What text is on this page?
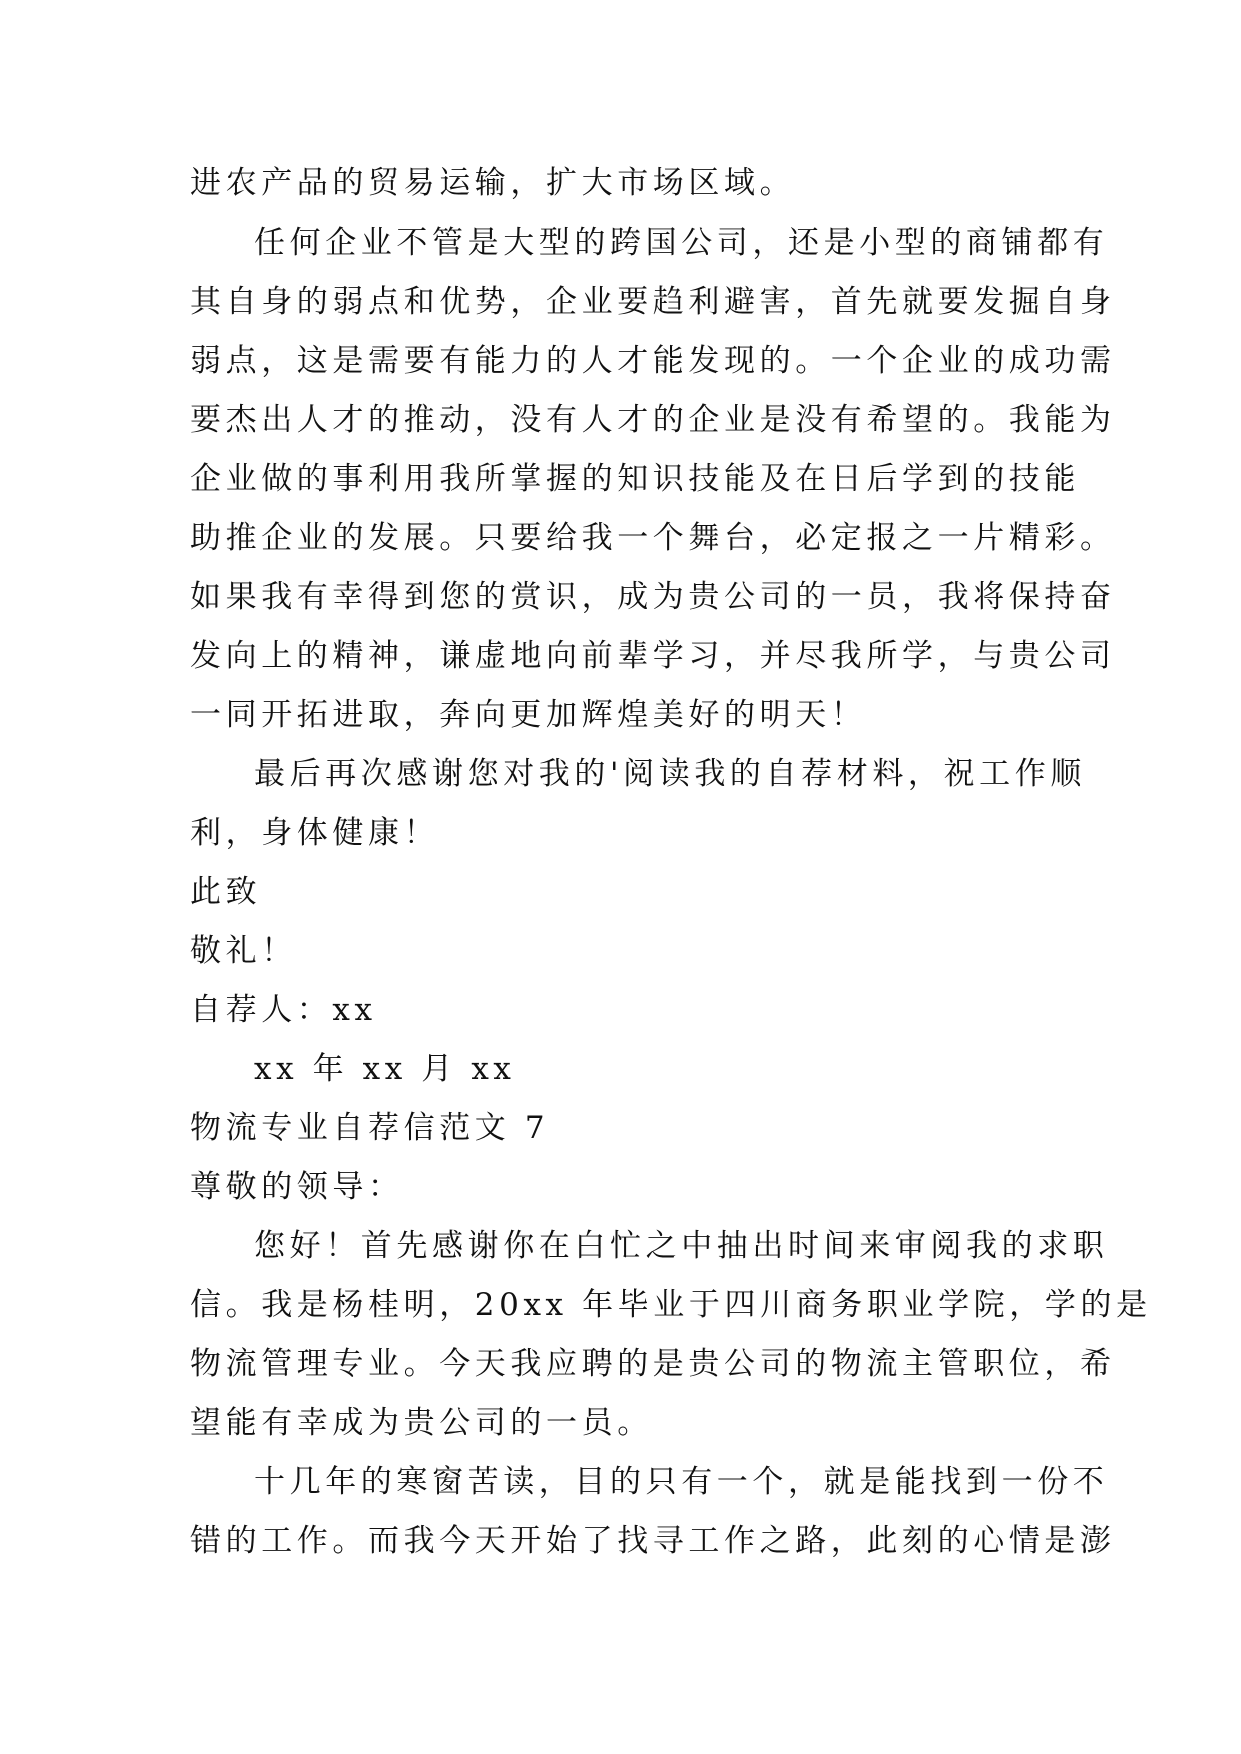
进农产品的贸易运输，扩大市场区域。
任何企业不管是大型的跨国公司，还是小型的商铺都有
其自身的弱点和优势，企业要趋利避害，首先就要发掘自身
弱点，这是需要有能力的人才能发现的。一个企业的成功需
要杰出人才的推动，没有人才的企业是没有希望的。我能为
企业做的事利用我所掌握的知识技能及在日后学到的技能
助推企业的发展。只要给我一个舞台，必定报之一片精彩。
如果我有幸得到您的赏识，成为贵公司的一员，我将保持奋
发向上的精神，谦虚地向前辈学习，并尽我所学，与贵公司
一同开拓进取，奔向更加辉煌美好的明天！
最后再次感谢您对我的'阅读我的自荐材料，祝工作顺
利，身体健康！
此致
敬礼！
自荐人：xx
xx 年 xx 月 xx
物流专业自荐信范文 7
尊敬的领导：
您好！首先感谢你在白忙之中抽出时间来审阅我的求职
信。我是杨桂明，20xx 年毕业于四川商务职业学院，学的是
物流管理专业。今天我应聘的是贵公司的物流主管职位，希
望能有幸成为贵公司的一员。
十几年的寒窗苦读，目的只有一个，就是能找到一份不
错的工作。而我今天开始了找寻工作之路，此刻的心情是澎
